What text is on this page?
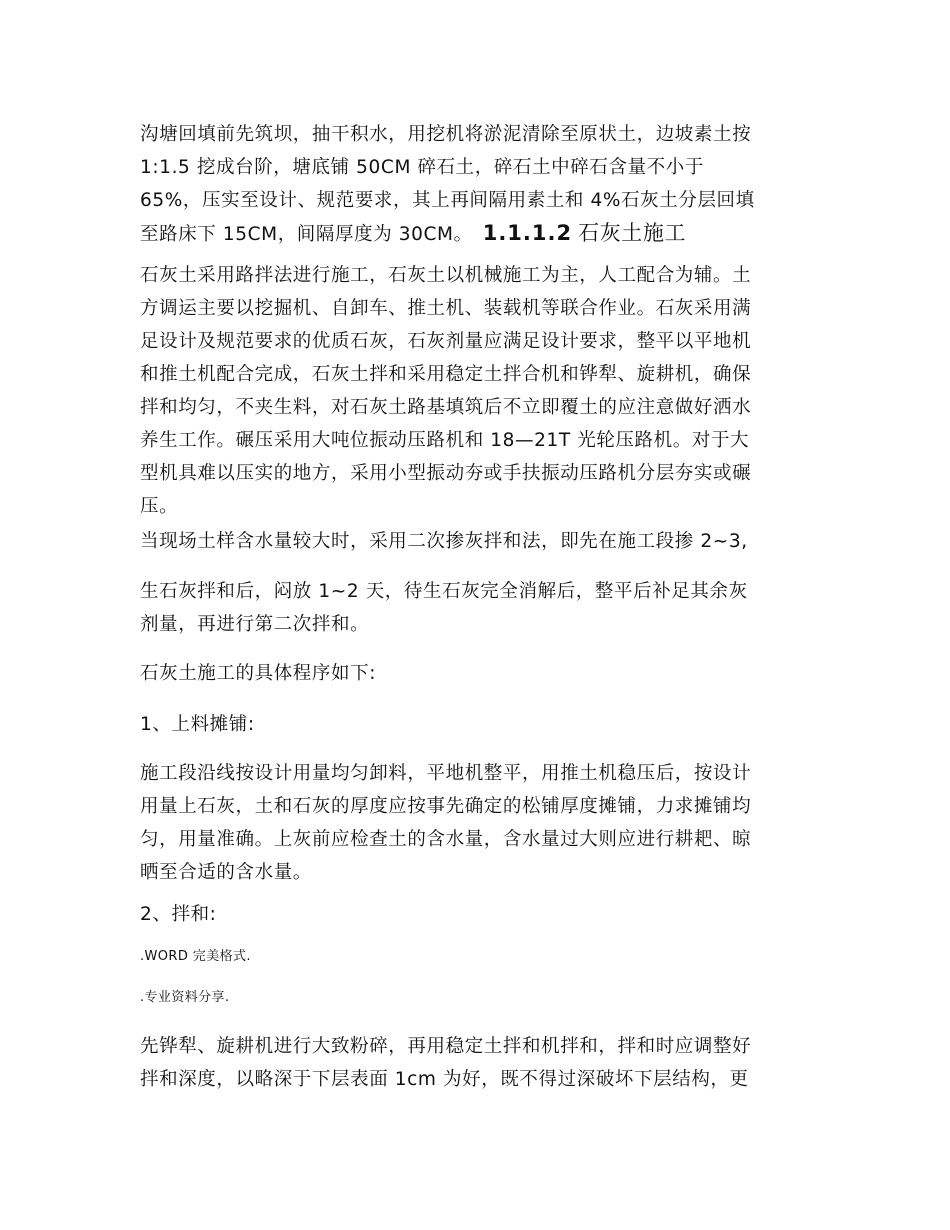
沟塘回填前先筑坝，抽干积水，用挖机将淤泥清除至原状土，边坡素土按
1:1.5 挖成台阶，塘底铺 50CM 碎石土，碎石土中碎石含量不小于
65%，压实至设计、规范要求，其上再间隔用素土和 4%石灰土分层回填
至路床下 15CM，间隔厚度为 30CM。 1.1.1.2 石灰土施工

石灰土采用路拌法进行施工，石灰土以机械施工为主，人工配合为辅。土
方调运主要以挖掘机、自卸车、推土机、装载机等联合作业。石灰采用满
足设计及规范要求的优质石灰，石灰剂量应满足设计要求，整平以平地机
和推土机配合完成，石灰土拌和采用稳定土拌合机和铧犁、旋耕机，确保
拌和均匀，不夹生料，对石灰土路基填筑后不立即覆土的应注意做好洒水
养生工作。碾压采用大吨位振动压路机和 18—21T 光轮压路机。对于大
型机具难以压实的地方，采用小型振动夯或手扶振动压路机分层夯实或碾
压。

当现场土样含水量较大时，采用二次掺灰拌和法，即先在施工段掺 2~3,

生石灰拌和后，闷放 1~2 天，待生石灰完全消解后，整平后补足其余灰
剂量，再进行第二次拌和。

石灰土施工的具体程序如下:

1、上料摊铺:

施工段沿线按设计用量均匀卸料，平地机整平，用推土机稳压后，按设计
用量上石灰，土和石灰的厚度应按事先确定的松铺厚度摊铺，力求摊铺均
匀，用量准确。上灰前应检查土的含水量，含水量过大则应进行耕耙、晾
晒至合适的含水量。

2、拌和:

.WORD 完美格式.

.专业资料分享.

先铧犁、旋耕机进行大致粉碎，再用稳定土拌和机拌和，拌和时应调整好
拌和深度，以略深于下层表面 1cm 为好，既不得过深破坏下层结构，更
